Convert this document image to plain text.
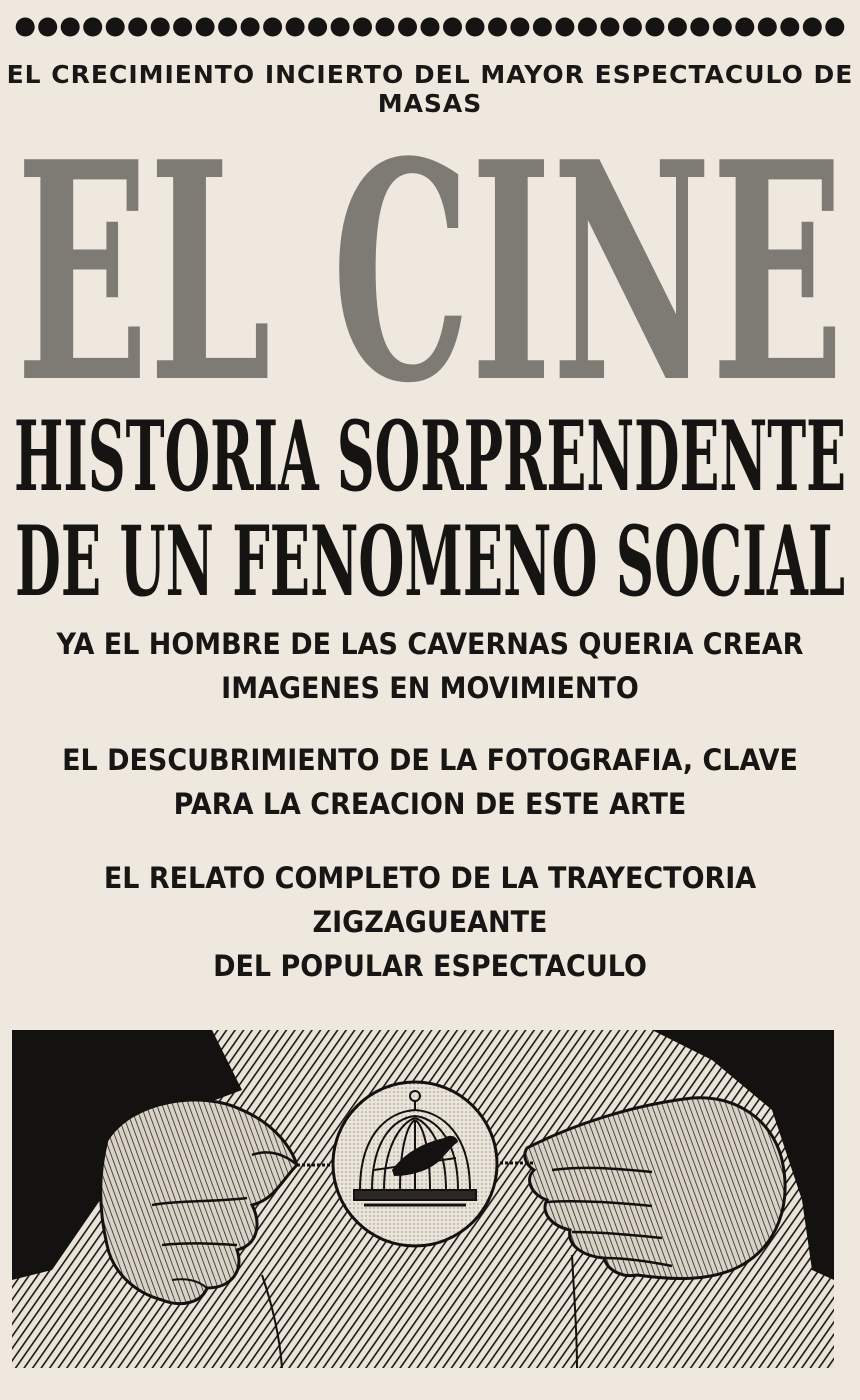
EL CRECIMIENTO INCIERTO DEL MAYOR ESPECTACULO DE MASAS
EL CINE
HISTORIA SORPRENDENTE
DE UN FENOMENO SOCIAL
YA EL HOMBRE DE LAS CAVERNAS QUERIA CREAR
IMAGENES EN MOVIMIENTO
EL DESCUBRIMIENTO DE LA FOTOGRAFIA, CLAVE
PARA LA CREACION DE ESTE ARTE
EL RELATO COMPLETO DE LA TRAYECTORIA ZIGZAGUEANTE
DEL POPULAR ESPECTACULO
